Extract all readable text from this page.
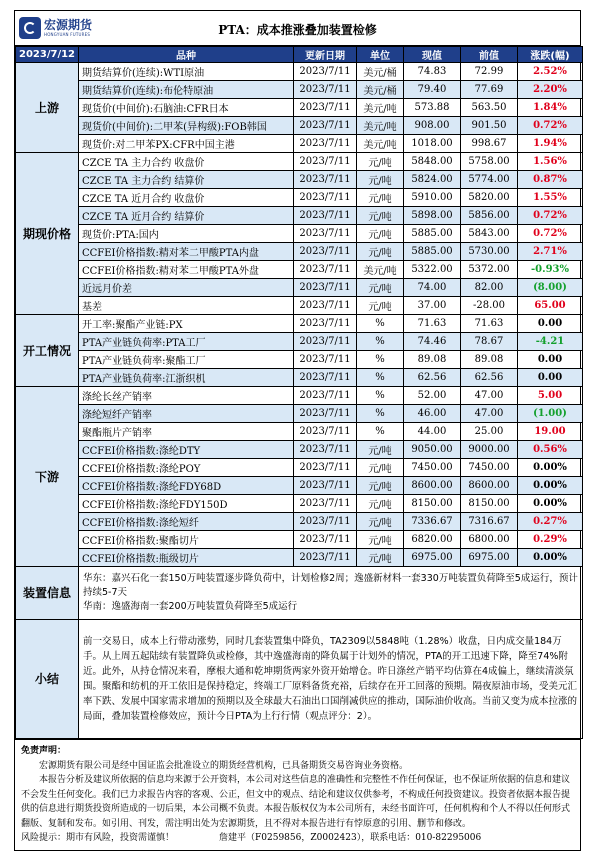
宏源期货
HONGYUAN FUTURES	PTA：成本推涨叠加装置检修
2023/7/12	品种	更新日期	单位	现值	前值	涨跌(幅)
上游	期货结算价(连续):WTI原油	2023/7/11	美元/桶	74.83	72.99	2.52%
	期货结算价(连续):布伦特原油	2023/7/11	美元/桶	79.40	77.69	2.20%
	现货价(中间价):石脑油:CFR日本	2023/7/11	美元/吨	573.88	563.50	1.84%
	现货价(中间价):二甲苯(异构级):FOB韩国	2023/7/11	美元/吨	908.00	901.50	0.72%
	现货价:对二甲苯PX:CFR中国主港	2023/7/11	美元/吨	1018.00	998.67	1.94%
期现价格	CZCE TA 主力合约 收盘价	2023/7/11	元/吨	5848.00	5758.00	1.56%
	CZCE TA 主力合约 结算价	2023/7/11	元/吨	5824.00	5774.00	0.87%
	CZCE TA 近月合约 收盘价	2023/7/11	元/吨	5910.00	5820.00	1.55%
	CZCE TA 近月合约 结算价	2023/7/11	元/吨	5898.00	5856.00	0.72%
	现货价:PTA:国内	2023/7/11	元/吨	5885.00	5843.00	0.72%
	CCFEI价格指数:精对苯二甲酸PTA内盘	2023/7/11	元/吨	5885.00	5730.00	2.71%
	CCFEI价格指数:精对苯二甲酸PTA外盘	2023/7/11	美元/吨	5322.00	5372.00	-0.93%
	近远月价差	2023/7/11	元/吨	74.00	82.00	(8.00)
	基差	2023/7/11	元/吨	37.00	-28.00	65.00
开工情况	开工率:聚酯产业链:PX	2023/7/11	%	71.63	71.63	0.00
	PTA产业链负荷率:PTA工厂	2023/7/11	%	74.46	78.67	-4.21
	PTA产业链负荷率:聚酯工厂	2023/7/11	%	89.08	89.08	0.00
	PTA产业链负荷率:江浙织机	2023/7/11	%	62.56	62.56	0.00
下游	涤纶长丝产销率	2023/7/11	%	52.00	47.00	5.00
	涤纶短纤产销率	2023/7/11	%	46.00	47.00	(1.00)
	聚酯瓶片产销率	2023/7/11	%	44.00	25.00	19.00
	CCFEI价格指数:涤纶DTY	2023/7/11	元/吨	9050.00	9000.00	0.56%
	CCFEI价格指数:涤纶POY	2023/7/11	元/吨	7450.00	7450.00	0.00%
	CCFEI价格指数:涤纶FDY68D	2023/7/11	元/吨	8600.00	8600.00	0.00%
	CCFEI价格指数:涤纶FDY150D	2023/7/11	元/吨	8150.00	8150.00	0.00%
	CCFEI价格指数:涤纶短纤	2023/7/11	元/吨	7336.67	7316.67	0.27%
	CCFEI价格指数:聚酯切片	2023/7/11	元/吨	6820.00	6800.00	0.29%
	CCFEI价格指数:瓶级切片	2023/7/11	元/吨	6975.00	6975.00	0.00%
装置信息	华东：嘉兴石化一套150万吨装置逐步降负荷中，计划检修2周；逸盛新材料一套330万吨装置负荷降至5成运行，预计持续5-7天
华南：逸盛海南一套200万吨装置负荷降至5成运行					

小结	前一交易日，成本上行带动涨势，同时几套装置集中降负，TA2309以5848吨（1.28%）收盘，日内成交量184万手。从上周五起陆续有装置降负或检修，其中逸盛海南的降负属于计划外的情况，PTA的开工迅速下降，降至74%附近。此外，从持仓情况来看，摩根大通和乾坤期货两家外资开始增仓。昨日涤丝产销平均估算在4成偏上，继续清淡氛围。聚酯和纺机的开工依旧是保持稳定，终端工厂原料备货充裕，后续存在开工回落的预期。隔夜原油市场，受美元汇率下跌、发展中国家需求增加的预期以及全球最大石油出口国削减供应的推动，国际油价收高。当前又变为成本拉涨的局面，叠加装置检修效应，预计今日PTA为上行行情（观点评分：2）。					
免责声明：

宏源期货有限公司是经中国证监会批准设立的期货经营机构，已具备期货交易咨询业务资格。

本报告分析及建议所依据的信息均来源于公开资料，本公司对这些信息的准确性和完整性不作任何保证，也不保证所依据的信息和建议不会发生任何变化。我们已力求报告内容的客观、公正，但文中的观点、结论和建议仅供参考，不构成任何投资建议。投资者依据本报告提供的信息进行期货投资所造成的一切后果，本公司概不负责。本报告版权仅为本公司所有，未经书面许可，任何机构和个人不得以任何形式翻版、复制和发布。如引用、刊发，需注明出处为宏源期货，且不得对本报告进行有悖原意的引用、删节和修改。

风险提示：期市有风险，投资需谨慎！　　　　　	詹建平（F0259856，Z0002423），联系电话：010-82295006
